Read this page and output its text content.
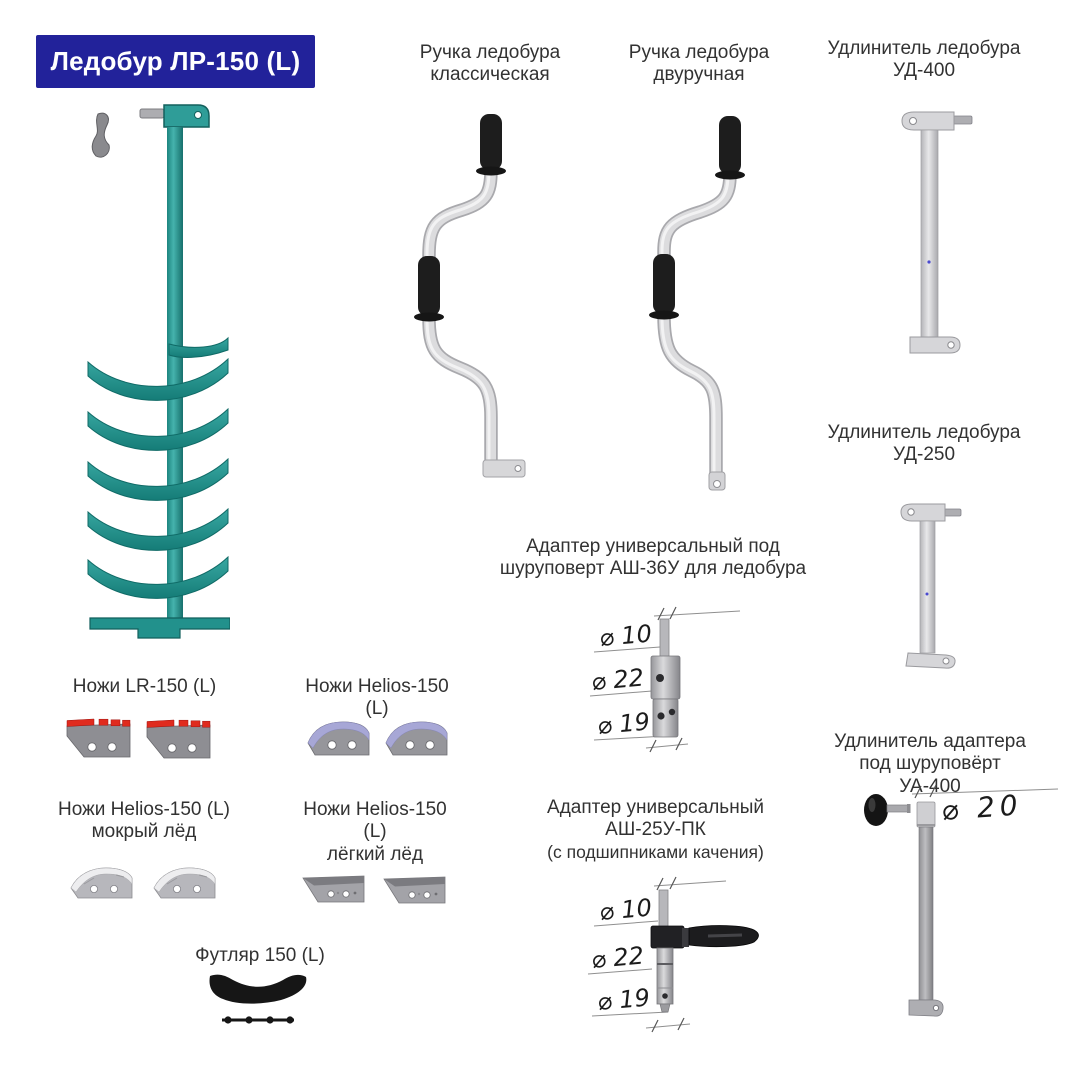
Ледобур ЛР-150 (L)	Ручка ледобура
классическая
Ручка ледобура
двуручная
Удлинитель ледобура
УД-400
Удлинитель ледобура
УД-250
Адаптер универсальный под
шуруповерт АШ-36У для ледобура
⌀ 10
⌀ 22
⌀ 19
Адаптер универсальный
АШ-25У-ПК
(с подшипниками качения)
⌀ 10
⌀ 22
⌀ 19
Удлинитель адаптера
под шуруповёрт УА-400
⌀ 20
Ножи LR-150 (L)	Ножи Helios-150 (L)
Ножи Helios-150 (L)
мокрый лёд
Ножи Helios-150 (L)
лёгкий лёд
Футляр 150 (L)
